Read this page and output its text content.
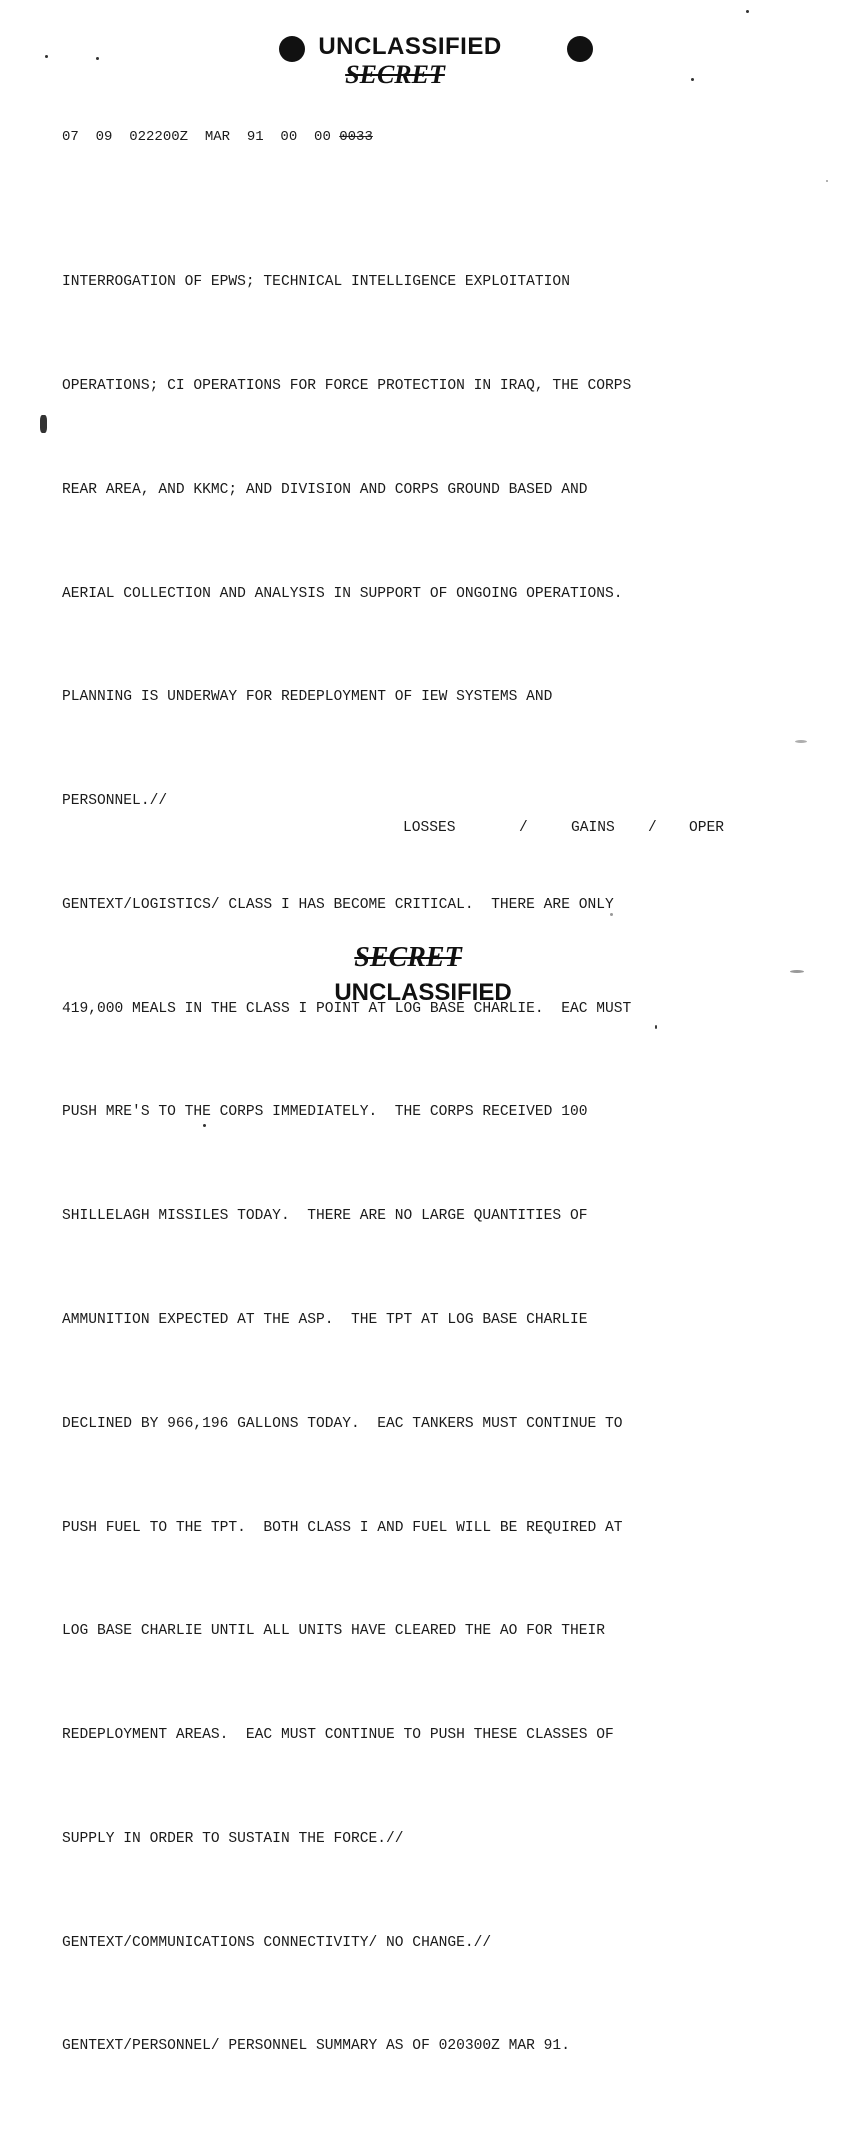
UNCLASSIFIED
SECRET
07  09  022200Z  MAR  91  00  00 0033

INTERROGATION OF EPWS; TECHNICAL INTELLIGENCE EXPLOITATION

OPERATIONS; CI OPERATIONS FOR FORCE PROTECTION IN IRAQ, THE CORPS

REAR AREA, AND KKMC; AND DIVISION AND CORPS GROUND BASED AND

AERIAL COLLECTION AND ANALYSIS IN SUPPORT OF ONGOING OPERATIONS.

PLANNING IS UNDERWAY FOR REDEPLOYMENT OF IEW SYSTEMS AND

PERSONNEL.//

GENTEXT/LOGISTICS/ CLASS I HAS BECOME CRITICAL.  THERE ARE ONLY

419,000 MEALS IN THE CLASS I POINT AT LOG BASE CHARLIE.  EAC MUST

PUSH MRE'S TO THE CORPS IMMEDIATELY.  THE CORPS RECEIVED 100

SHILLELAGH MISSILES TODAY.  THERE ARE NO LARGE QUANTITIES OF

AMMUNITION EXPECTED AT THE ASP.  THE TPT AT LOG BASE CHARLIE

DECLINED BY 966,196 GALLONS TODAY.  EAC TANKERS MUST CONTINUE TO

PUSH FUEL TO THE TPT.  BOTH CLASS I AND FUEL WILL BE REQUIRED AT

LOG BASE CHARLIE UNTIL ALL UNITS HAVE CLEARED THE AO FOR THEIR

REDEPLOYMENT AREAS.  EAC MUST CONTINUE TO PUSH THESE CLASSES OF

SUPPLY IN ORDER TO SUSTAIN THE FORCE.//

GENTEXT/COMMUNICATIONS CONNECTIVITY/ NO CHANGE.//

GENTEXT/PERSONNEL/ PERSONNEL SUMMARY AS OF 020300Z MAR 91.

LOSSES	/	GAINS / OPER
SECRET
UNCLASSIFIED
